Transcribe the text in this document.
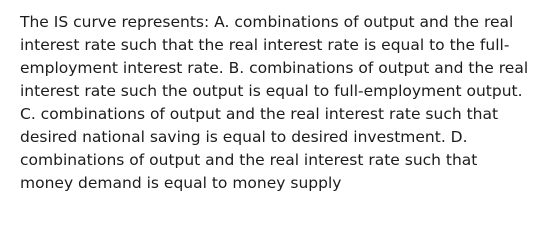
The IS curve represents: A. combinations of output and the real
interest rate such that the real interest rate is equal to the full-
employment interest rate. B. combinations of output and the real
interest rate such the output is equal to full-employment output.
C. combinations of output and the real interest rate such that
desired national saving is equal to desired investment. D.
combinations of output and the real interest rate such that
money demand is equal to money supply
